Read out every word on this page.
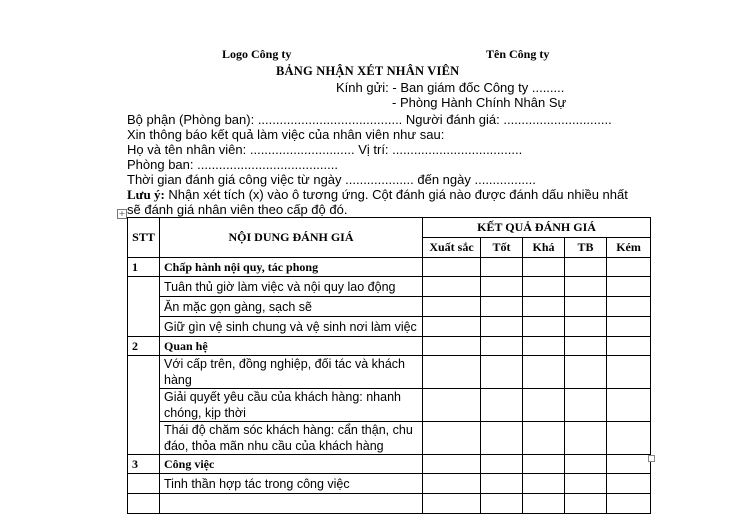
Logo Công ty	Tên Công ty
BẢNG NHẬN XÉT NHÂN VIÊN
Kính gửi: - Ban giám đốc Công ty .........
- Phòng Hành Chính Nhân Sự
Bộ phận (Phòng ban): ........................................ Người đánh giá: ..............................
Xin thông báo kết quả làm việc của nhân viên như sau:
Họ và tên nhân viên: ............................. Vị trí: ....................................
Phòng ban: .......................................
Thời gian đánh giá công việc từ ngày ................... đến ngày .................
Lưu ý: Nhận xét tích (x) vào ô tương ứng. Cột đánh giá nào được đánh dấu nhiều nhất
sẽ đánh giá nhân viên theo cấp độ đó.
+
STT	NỘI DUNG ĐÁNH GIÁ	KẾT QUẢ ĐÁNH GIÁ				
		Xuất sắc	Tốt	Khá	TB	Kém
1	Chấp hành nội quy, tác phong					
	Tuân thủ giờ làm việc và nội quy lao động					
	Ăn mặc gọn gàng, sạch sẽ					
	Giữ gìn vệ sinh chung và vệ sinh nơi làm việc					
2	Quan hệ					
	Với cấp trên, đồng nghiệp, đối tác và khách hàng					
	Giải quyết yêu cầu của khách hàng: nhanh chóng, kịp thời					
	Thái độ chăm sóc khách hàng: cẩn thận, chu đáo, thỏa mãn nhu cầu của khách hàng					
3	Công việc					
	Tinh thần hợp tác trong công việc					
